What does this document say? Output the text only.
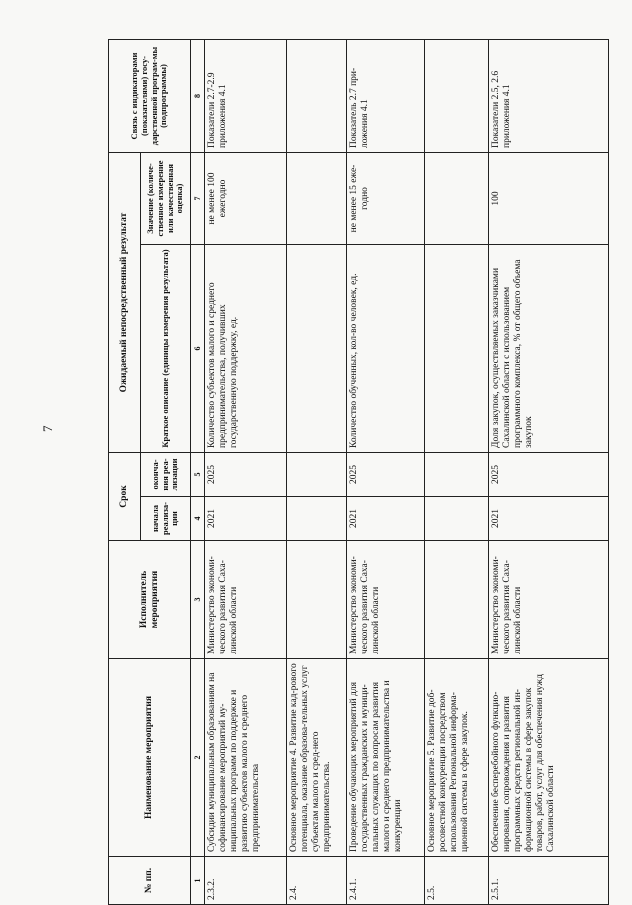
7
№ пп.	Наименование мероприятия	Исполнитель мероприятия	Срок		Ожидаемый непосредственный результат		Связь с индикаторами (показателями) госу-дарственной програм-мы (подпрограммы)
			начала реализа-ции	оконча-ния реа-лизации	Краткое описание (единицы измерения результата)	Значение (количе-ственное измерение или качественная оценка)	
1	2	3	4	5	6	7	8
2.3.2.	Субсидии муниципальным образованиям на софинансирование мероприятий му-ниципальных программ по поддержке и развитию субъектов малого и среднего предпринимательства	Министерство экономи-ческого развития Саха-линской области	2021	2025	Количество субъектов малого и среднего предпринимательства, получивших государственную поддержку, ед.	не менее 100 ежегодно	Показатели 2.7-2.9 приложения 4.1
2.4.	Основное мероприятие 4. Развитие кад-рового потенциала, оказание образова-тельных услуг субъектам малого и сред-него предпринимательства.						
2.4.1.	Проведение обучающих мероприятий для государственных гражданских и муници-пальных служащих по вопросам развития малого и среднего предпринимательства и конкуренции	Министерство экономи-ческого развития Саха-линской области	2021	2025	Количество обученных, кол-во человек, ед.	не менее 15 еже-годно	Показатель 2.7 при-ложения 4.1
2.5.	Основное мероприятие 5. Развитие доб-росовестной конкуренции посредством использования Региональной информа-ционной системы в сфере закупок.						
2.5.1.	Обеспечение бесперебойного функцио-нирования, сопровождения и развития программных средств региональной ин-формационной системы в сфере закупок товаров, работ, услуг для обеспечения нужд Сахалинской области	Министерство экономи-ческого развития Саха-линской области	2021	2025	Доля закупок, осуществляемых заказчиками Сахалинской области с использованием программного комплекса, % от общего объема закупок	100	Показатели 2.5, 2.6 приложения 4.1
